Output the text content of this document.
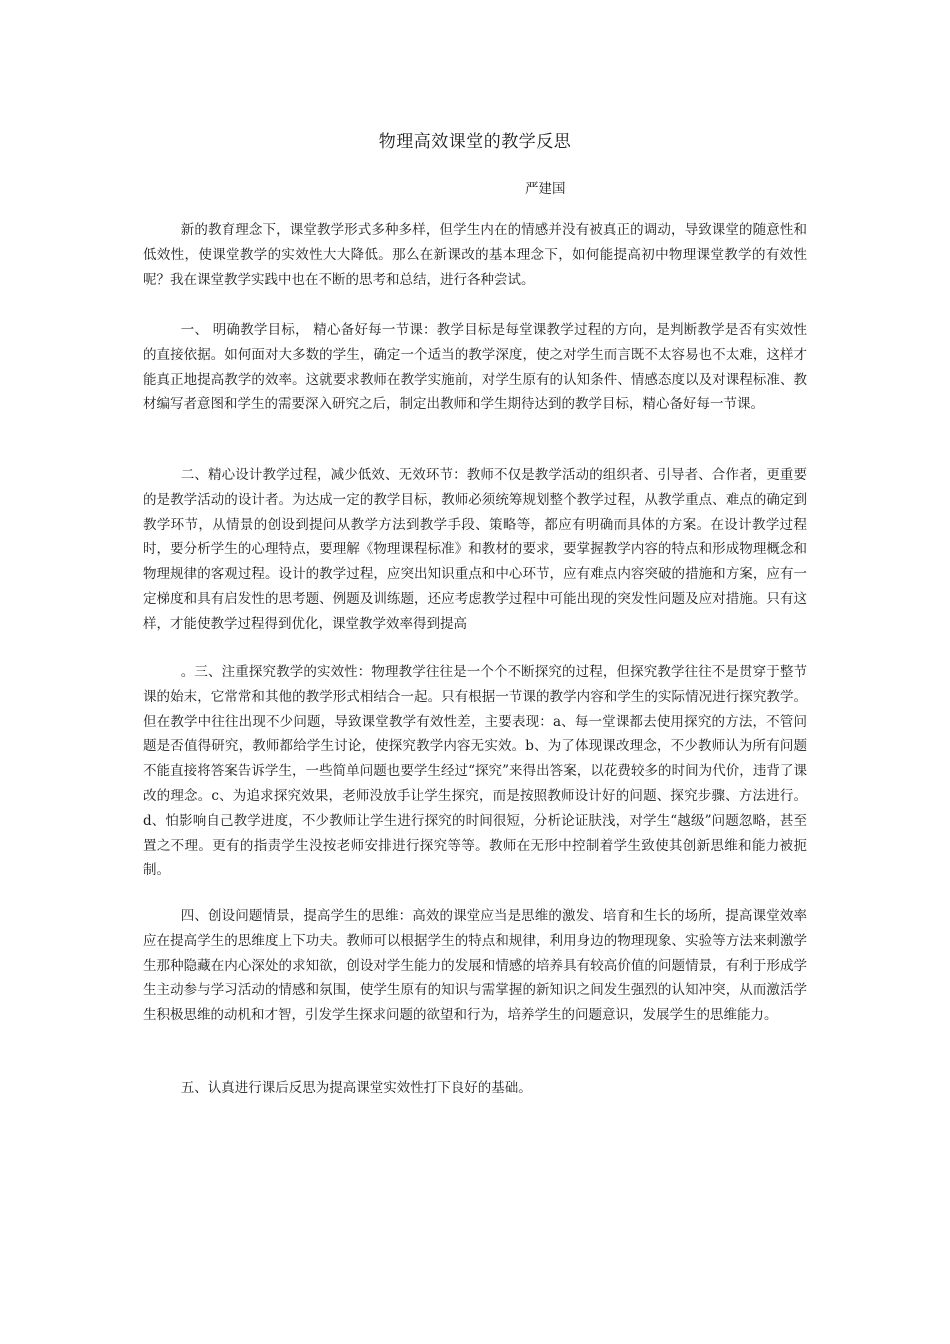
物理高效课堂的教学反思

严建国

新的教育理念下，课堂教学形式多种多样，但学生内在的情感并没有被真正的调动，导致课堂的随意性和低效性，使课堂教学的实效性大大降低。那么在新课改的基本理念下，如何能提高初中物理课堂教学的有效性呢？我在课堂教学实践中也在不断的思考和总结，进行各种尝试。

一、 明确教学目标， 精心备好每一节课：教学目标是每堂课教学过程的方向，是判断教学是否有实效性的直接依据。如何面对大多数的学生，确定一个适当的教学深度，使之对学生而言既不太容易也不太难，这样才能真正地提高教学的效率。这就要求教师在教学实施前，对学生原有的认知条件、情感态度以及对课程标准、教材编写者意图和学生的需要深入研究之后，制定出教师和学生期待达到的教学目标，精心备好每一节课。

二、精心设计教学过程，减少低效、无效环节：教师不仅是教学活动的组织者、引导者、合作者，更重要的是教学活动的设计者。为达成一定的教学目标，教师必须统筹规划整个教学过程，从教学重点、难点的确定到教学环节，从情景的创设到提问从教学方法到教学手段、策略等，都应有明确而具体的方案。在设计教学过程时，要分析学生的心理特点，要理解《物理课程标准》和教材的要求，要掌握教学内容的特点和形成物理概念和物理规律的客观过程。设计的教学过程，应突出知识重点和中心环节，应有难点内容突破的措施和方案，应有一定梯度和具有启发性的思考题、例题及训练题，还应考虑教学过程中可能出现的突发性问题及应对措施。只有这样，才能使教学过程得到优化，课堂教学效率得到提高

。三、注重探究教学的实效性：物理教学往往是一个个不断探究的过程，但探究教学往往不是贯穿于整节课的始末，它常常和其他的教学形式相结合一起。只有根据一节课的教学内容和学生的实际情况进行探究教学。但在教学中往往出现不少问题，导致课堂教学有效性差，主要表现：a、每一堂课都去使用探究的方法，不管问题是否值得研究，教师都给学生讨论，使探究教学内容无实效。b、为了体现课改理念，不少教师认为所有问题不能直接将答案告诉学生，一些简单问题也要学生经过“探究”来得出答案，以花费较多的时间为代价，违背了课改的理念。c、为追求探究效果，老师没放手让学生探究，而是按照教师设计好的问题、探究步骤、方法进行。d、怕影响自己教学进度，不少教师让学生进行探究的时间很短，分析论证肤浅，对学生“越级”问题忽略，甚至置之不理。更有的指责学生没按老师安排进行探究等等。教师在无形中控制着学生致使其创新思维和能力被扼制。

四、创设问题情景，提高学生的思维：高效的课堂应当是思维的激发、培育和生长的场所，提高课堂效率应在提高学生的思维度上下功夫。教师可以根据学生的特点和规律，利用身边的物理现象、实验等方法来刺激学生那种隐藏在内心深处的求知欲，创设对学生能力的发展和情感的培养具有较高价值的问题情景，有利于形成学生主动参与学习活动的情感和氛围，使学生原有的知识与需掌握的新知识之间发生强烈的认知冲突，从而激活学生积极思维的动机和才智，引发学生探求问题的欲望和行为，培养学生的问题意识，发展学生的思维能力。

五、认真进行课后反思为提高课堂实效性打下良好的基础。
